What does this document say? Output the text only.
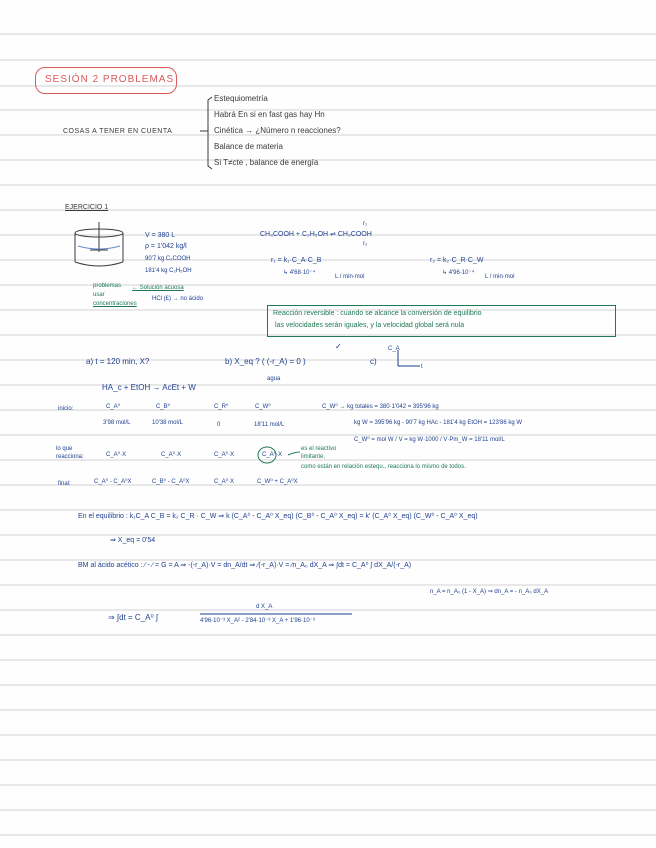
SESIÓN 2 PROBLEMAS
COSAS A TENER EN CUENTA
Estequiometría
Habrá En si en fast gas hay Hn
Cinética → ¿Número n reacciones?
Balance de materia
Si T≠cte , balance de energía
EJERCICIO 1
V = 380 L
ρ = 1'042 kg/l
90'7 kg C₂COOH
181'4 kg C₂H₅OH
problemas
usar
concentraciones
← Solución acuosa
HCl (£) → no ácido
CH₃COOH + C₂H₅OH ⇌ CH₃COOH
r₁
r₂
r₁ = k₁·C_A·C_B
↳ 4'68·10⁻⁴
L / min·mol
r₂ = k₂·C_R·C_W
↳ 4'96·10⁻⁴
L / min·mol
Reacción reversible : cuando se alcance la conversión de equilibrio
las velocidades serán iguales, y la velocidad global será nula
a) t = 120 min, X?	b) X_eq ? ( (-r_A) = 0 )	c)
C_A
t
✓
HA_c + EtOH → AcEt + W
agua
inicio:	C_A⁰	C_B⁰	C_R⁰	C_W⁰
3'98 mol/L	10'38 mol/L	0	18'11 mol/L
C_W⁰ → kg totales = 380·1'042 = 395'96 kg
kg W = 395'96 kg - 90'7 kg HAc - 181'4 kg EtOH = 123'86 kg W
C_W⁰ = mol W / V = kg W·1000 / V·Pm_W = 18'11 mol/L
lo que
reacciona:	C_A⁰·X	C_A⁰·X	C_A⁰·X	C_A⁰·X
es el reactivo
limitante,
como están en relación estequ., reacciona lo mismo de todos.
final:	C_A⁰ - C_A⁰X	C_B⁰ - C_A⁰X	C_A⁰·X	C_W⁰ + C_A⁰X
En el equilibrio : k₁C_A C_B = k₂ C_R · C_W ⇒ k (C_A⁰ - C_A⁰ X_eq) (C_B⁰ - C_A⁰ X_eq) = k' (C_A⁰ X_eq) (C_W⁰ - C_A⁰ X_eq)
⇒ X_eq = 0'54
BM al ácido acético : ∕ - ∕ = G = A ⇒ -(-r_A)·V = dn_A/dt ⇒ ∕(-r_A)·V = ∕n_A₀ dX_A ⇒ ∫dt = C_A⁰ ∫ dX_A/(-r_A)
n_A = n_A₀ (1 - X_A) ⇒ dn_A = - n_A₀ dX_A
⇒ ∫dt = C_A⁰ ∫
d X_A
4'96·10⁻³ X_A² - 2'84·10⁻³ X_A + 1'96·10⁻³
